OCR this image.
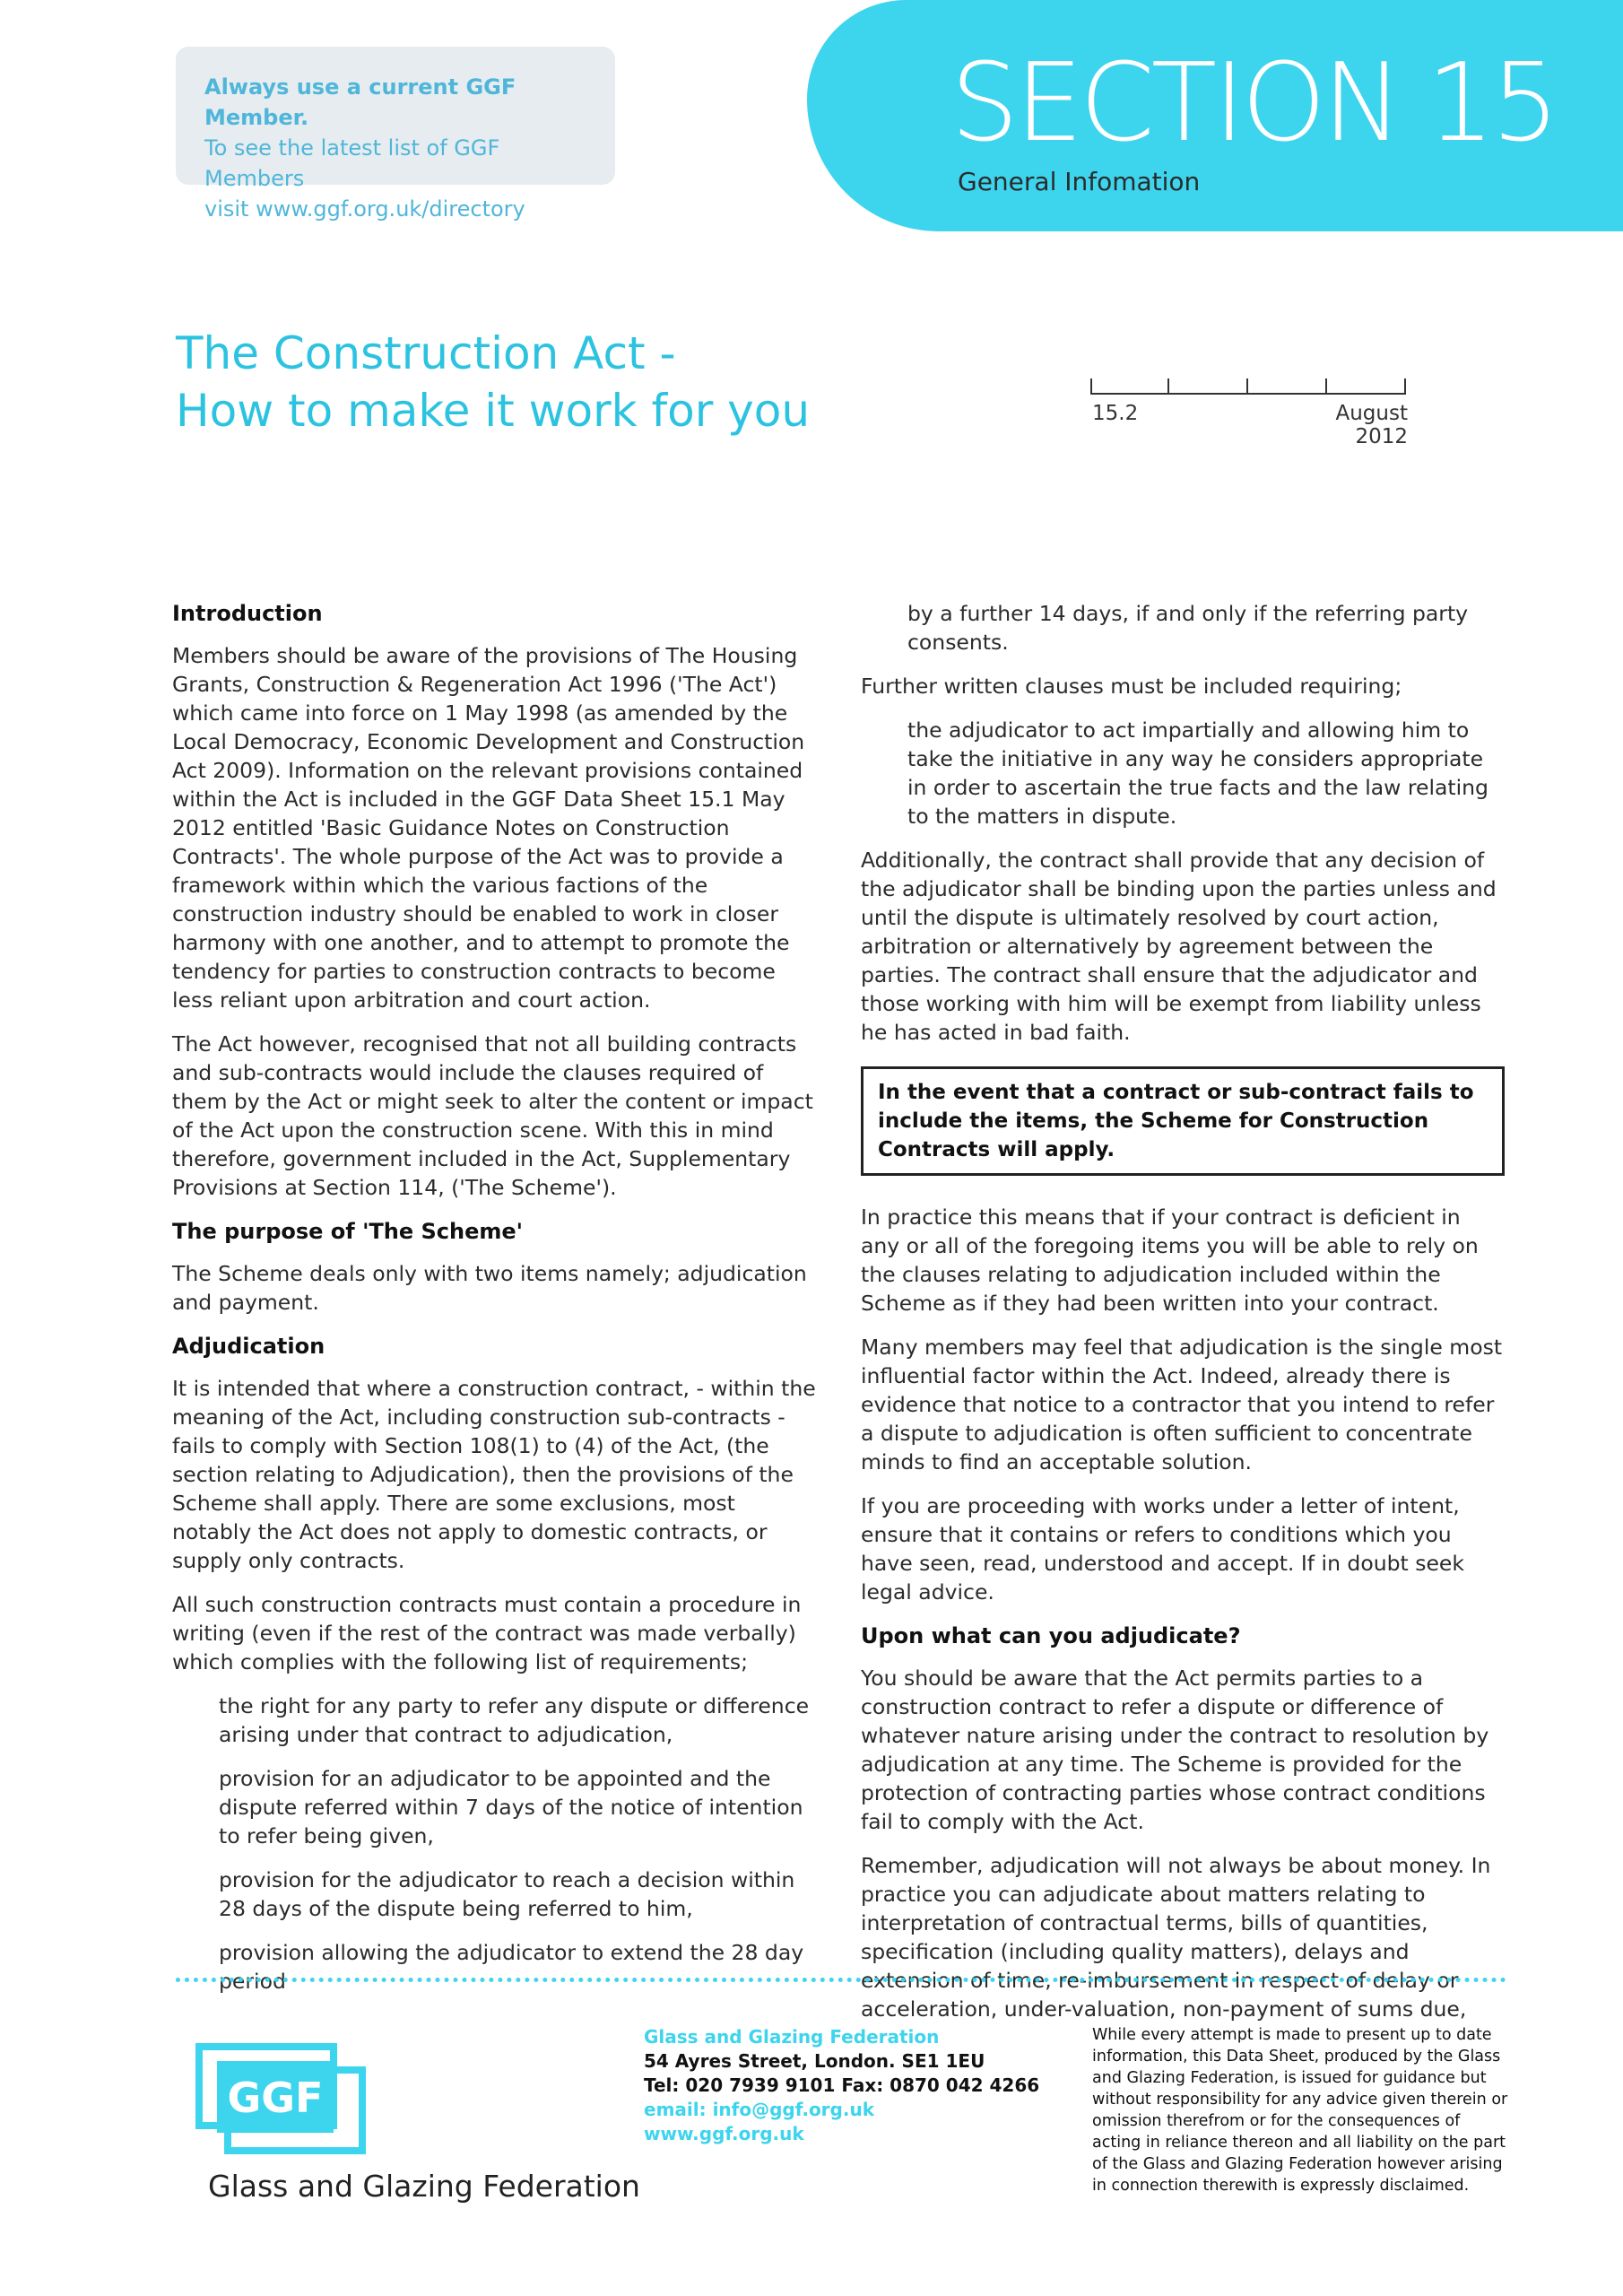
Always use a current GGF Member.
To see the latest list of GGF Members
visit www.ggf.org.uk/directory
SECTION 15
General Infomation
The Construction Act -
How to make it work for you	15.2	August 2012
Introduction

Members should be aware of the provisions of The Housing Grants, Construction & Regeneration Act 1996 ('The Act') which came into force on 1 May 1998 (as amended by the Local Democracy, Economic Development and Construction Act 2009). Information on the relevant provisions contained within the Act is included in the GGF Data Sheet 15.1 May 2012 entitled 'Basic Guidance Notes on Construction Contracts'. The whole purpose of the Act was to provide a framework within which the various factions of the construction industry should be enabled to work in closer harmony with one another, and to attempt to promote the tendency for parties to construction contracts to become less reliant upon arbitration and court action.

The Act however, recognised that not all building contracts and sub-contracts would include the clauses required of them by the Act or might seek to alter the content or impact of the Act upon the construction scene. With this in mind therefore, government included in the Act, Supplementary Provisions at Section 114, ('The Scheme').

The purpose of 'The Scheme'

The Scheme deals only with two items namely; adjudication and payment.

Adjudication

It is intended that where a construction contract, - within the meaning of the Act, including construction sub-contracts - fails to comply with Section 108(1) to (4) of the Act, (the section relating to Adjudication), then the provisions of the Scheme shall apply. There are some exclusions, most notably the Act does not apply to domestic contracts, or supply only contracts.

All such construction contracts must contain a procedure in writing (even if the rest of the contract was made verbally) which complies with the following list of requirements;

the right for any party to refer any dispute or difference arising under that contract to adjudication,

provision for an adjudicator to be appointed and the dispute referred within 7 days of the notice of intention to refer being given,

provision for the adjudicator to reach a decision within 28 days of the dispute being referred to him,

provision allowing the adjudicator to extend the 28 day period

by a further 14 days, if and only if the referring party consents.

Further written clauses must be included requiring;

the adjudicator to act impartially and allowing him to take the initiative in any way he considers appropriate in order to ascertain the true facts and the law relating to the matters in dispute.

Additionally, the contract shall provide that any decision of the adjudicator shall be binding upon the parties unless and until the dispute is ultimately resolved by court action, arbitration or alternatively by agreement between the parties. The contract shall ensure that the adjudicator and those working with him will be exempt from liability unless he has acted in bad faith.

In the event that a contract or sub-contract fails to include the items, the Scheme for Construction Contracts will apply.

In practice this means that if your contract is deficient in any or all of the foregoing items you will be able to rely on the clauses relating to adjudication included within the Scheme as if they had been written into your contract.

Many members may feel that adjudication is the single most influential factor within the Act. Indeed, already there is evidence that notice to a contractor that you intend to refer a dispute to adjudication is often sufficient to concentrate minds to find an acceptable solution.

If you are proceeding with works under a letter of intent, ensure that it contains or refers to conditions which you have seen, read, understood and accept. If in doubt seek legal advice.

Upon what can you adjudicate?

You should be aware that the Act permits parties to a construction contract to refer a dispute or difference of whatever nature arising under the contract to resolution by adjudication at any time. The Scheme is provided for the protection of contracting parties whose contract conditions fail to comply with the Act.

Remember, adjudication will not always be about money. In practice you can adjudicate about matters relating to interpretation of contractual terms, bills of quantities, specification (including quality matters), delays and extension of time, re-imbursement in respect of delay or acceleration, under-valuation, non-payment of sums due,

GGF
Glass and Glazing Federation
Glass and Glazing Federation
54 Ayres Street, London. SE1 1EU
Tel: 020 7939 9101 Fax: 0870 042 4266
email: info@ggf.org.uk
www.ggf.org.uk
While every attempt is made to present up to date information, this Data Sheet, produced by the Glass and Glazing Federation, is issued for guidance but without responsibility for any advice given therein or omission therefrom or for the consequences of acting in reliance thereon and all liability on the part of the Glass and Glazing Federation however arising in connection therewith is expressly disclaimed.
